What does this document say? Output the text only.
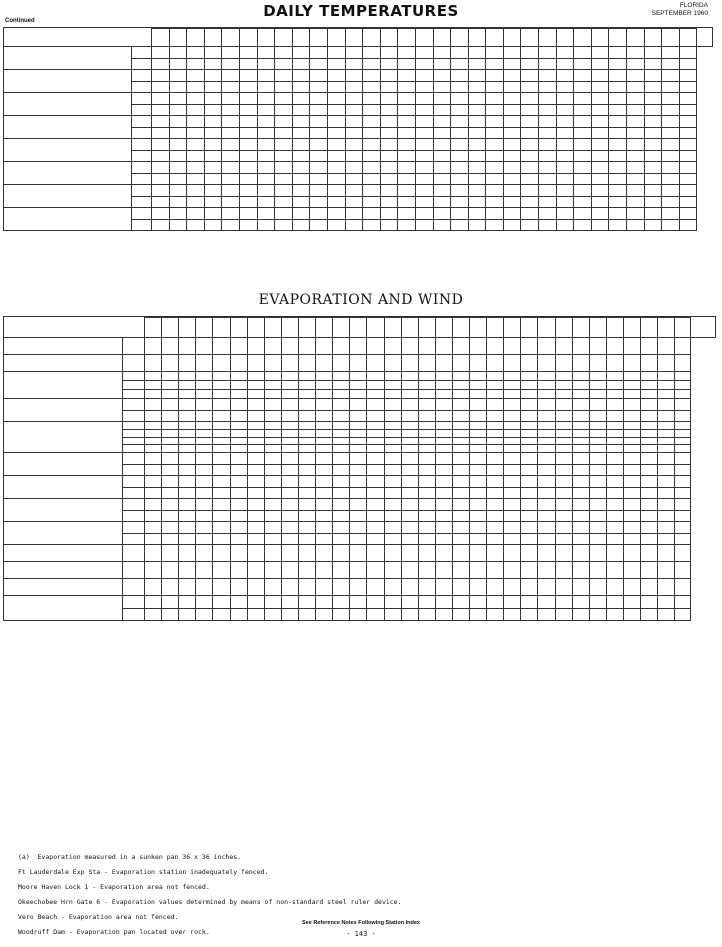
DAILY TEMPERATURES	FLORIDA
SEPTEMBER 1960
Continued

EVAPORATION AND WIND

(a)  Evaporation measured in a sunken pan 36 x 36 inches.
Ft Lauderdale Exp Sta - Evaporation station inadequately fenced.
Moore Haven Lock 1 - Evaporation area not fenced.
Okeechobee Hrn Gate 6 - Evaporation values determined by means of non-standard steel ruler device.
Vero Beach - Evaporation area not fenced.
Woodruff Dam - Evaporation pan located over rock.
See Reference Notes Following Station Index
- 143 -
